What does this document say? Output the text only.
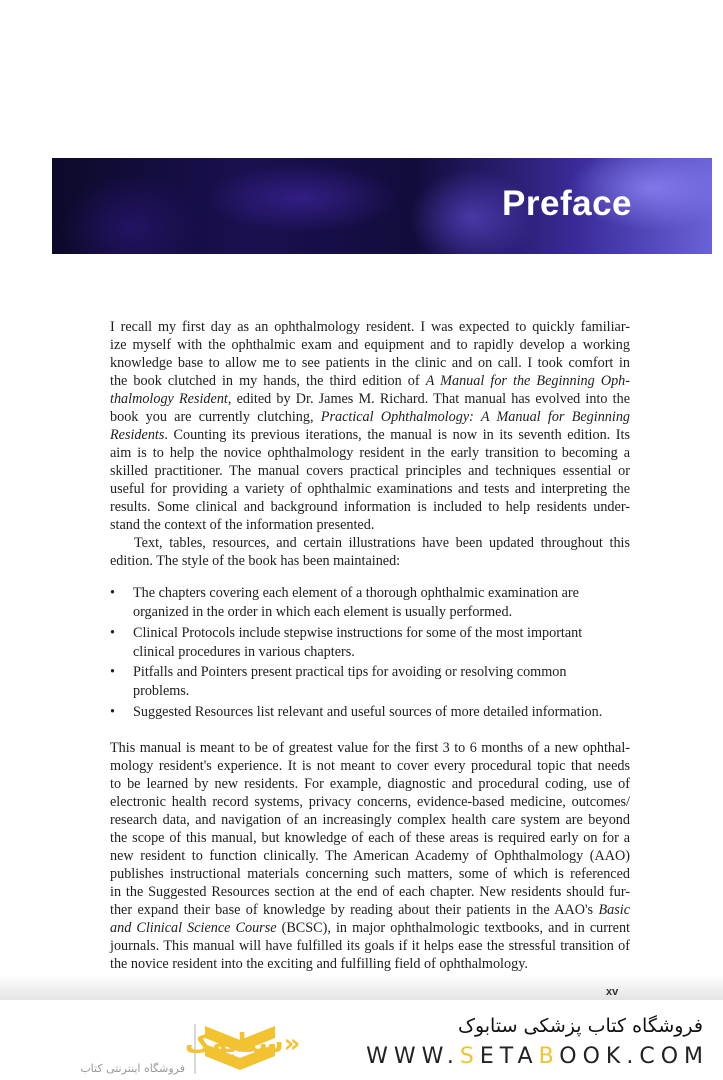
Preface
I recall my first day as an ophthalmology resident. I was expected to quickly familiar-
ize myself with the ophthalmic exam and equipment and to rapidly develop a working
knowledge base to allow me to see patients in the clinic and on call. I took comfort in
the book clutched in my hands, the third edition of A Manual for the Beginning Oph-
thalmology Resident, edited by Dr. James M. Richard. That manual has evolved into the
book you are currently clutching, Practical Ophthalmology: A Manual for Beginning
Residents. Counting its previous iterations, the manual is now in its seventh edition. Its
aim is to help the novice ophthalmology resident in the early transition to becoming a
skilled practitioner. The manual covers practical principles and techniques essential or
useful for providing a variety of ophthalmic examinations and tests and interpreting the
results. Some clinical and background information is included to help residents under-
stand the context of the information presented.
Text, tables, resources, and certain illustrations have been updated throughout this
edition. The style of the book has been maintained:
• The chapters covering each element of a thorough ophthalmic examination are
organized in the order in which each element is usually performed.
• Clinical Protocols include stepwise instructions for some of the most important
clinical procedures in various chapters.
• Pitfalls and Pointers present practical tips for avoiding or resolving common
problems.
• Suggested Resources list relevant and useful sources of more detailed information.
This manual is meant to be of greatest value for the first 3 to 6 months of a new ophthal-
mology resident's experience. It is not meant to cover every procedural topic that needs
to be learned by new residents. For example, diagnostic and procedural coding, use of
electronic health record systems, privacy concerns, evidence-based medicine, outcomes/
research data, and navigation of an increasingly complex health care system are beyond
the scope of this manual, but knowledge of each of these areas is required early on for a
new resident to function clinically. The American Academy of Ophthalmology (AAO)
publishes instructional materials concerning such matters, some of which is referenced
in the Suggested Resources section at the end of each chapter. New residents should fur-
ther expand their base of knowledge by reading about their patients in the AAO's Basic
and Clinical Science Course (BCSC), in major ophthalmologic textbooks, and in current
journals. This manual will have fulfilled its goals if it helps ease the stressful transition of
the novice resident into the exciting and fulfilling field of ophthalmology.
xv
«ستابوک
فروشگاه اینترنتی کتاب
فروشگاه کتاب پزشکی ستابوک
WWW.SETABOOK.COM
